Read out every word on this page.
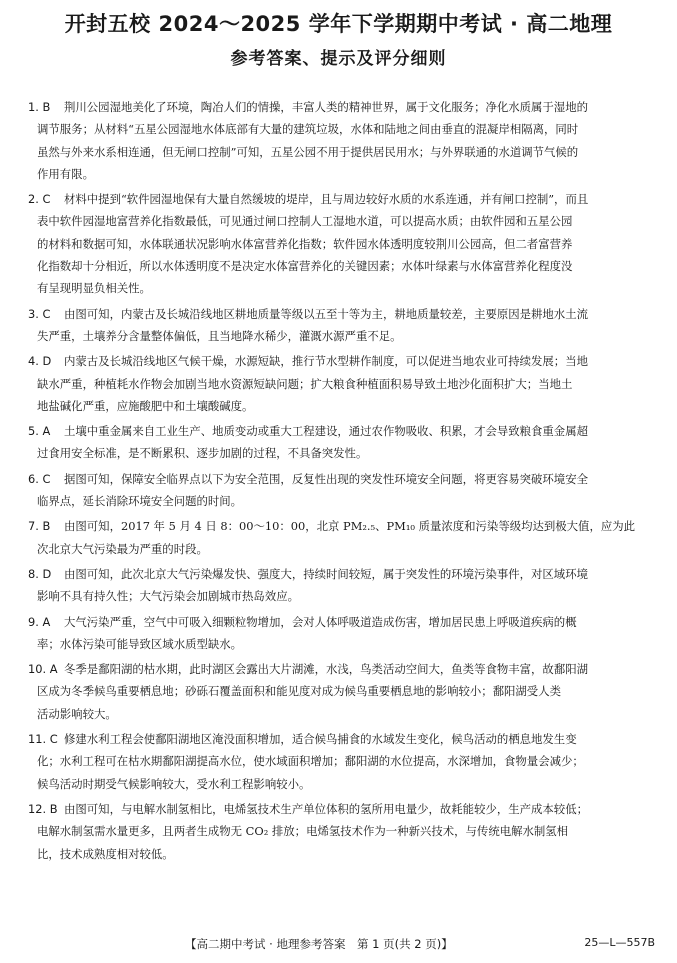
开封五校 2024～2025 学年下学期期中考试 · 高二地理
参考答案、提示及评分细则
1. B 荆川公园湿地美化了环境，陶冶人们的情操，丰富人类的精神世界，属于文化服务；净化水质属于湿地的
调节服务；从材料“五星公园湿地水体底部有大量的建筑垃圾，水体和陆地之间由垂直的混凝岸相隔离，同时
虽然与外来水系相连通，但无闸口控制”可知，五星公园不用于提供居民用水；与外界联通的水道调节气候的
作用有限。
2. C 材料中提到“软件园湿地保有大量自然缓坡的堤岸，且与周边较好水质的水系连通，并有闸口控制”，而且
表中软件园湿地富营养化指数最低，可见通过闸口控制人工湿地水道，可以提高水质；由软件园和五星公园
的材料和数据可知，水体联通状况影响水体富营养化指数；软件园水体透明度较荆川公园高，但二者富营养
化指数却十分相近，所以水体透明度不是决定水体富营养化的关键因素；水体叶绿素与水体富营养化程度没
有呈现明显负相关性。
3. C 由图可知，内蒙古及长城沿线地区耕地质量等级以五至十等为主，耕地质量较差，主要原因是耕地水土流
失严重，土壤养分含量整体偏低，且当地降水稀少，灌溉水源严重不足。
4. D 内蒙古及长城沿线地区气候干燥，水源短缺，推行节水型耕作制度，可以促进当地农业可持续发展；当地
缺水严重，种植耗水作物会加剧当地水资源短缺问题；扩大粮食种植面积易导致土地沙化面积扩大；当地土
地盐碱化严重，应施酸肥中和土壤酸碱度。
5. A 土壤中重金属来自工业生产、地质变动或重大工程建设，通过农作物吸收、积累，才会导致粮食重金属超
过食用安全标准，是不断累积、逐步加剧的过程，不具备突发性。
6. C 据图可知，保障安全临界点以下为安全范围，反复性出现的突发性环境安全问题，将更容易突破环境安全
临界点，延长消除环境安全问题的时间。
7. B 由图可知，2017 年 5 月 4 日 8：00～10：00，北京 PM₂.₅、PM₁₀ 质量浓度和污染等级均达到极大值，应为此
次北京大气污染最为严重的时段。
8. D 由图可知，此次北京大气污染爆发快、强度大，持续时间较短，属于突发性的环境污染事件，对区域环境
影响不具有持久性；大气污染会加剧城市热岛效应。
9. A 大气污染严重，空气中可吸入细颗粒物增加，会对人体呼吸道造成伤害，增加居民患上呼吸道疾病的概
率；水体污染可能导致区域水质型缺水。
10. A 冬季是鄱阳湖的枯水期，此时湖区会露出大片湖滩，水浅，鸟类活动空间大，鱼类等食物丰富，故鄱阳湖
区成为冬季候鸟重要栖息地；砂砾石覆盖面积和能见度对成为候鸟重要栖息地的影响较小；鄱阳湖受人类
活动影响较大。
11. C 修建水利工程会使鄱阳湖地区淹没面积增加，适合候鸟捕食的水域发生变化，候鸟活动的栖息地发生变
化；水利工程可在枯水期鄱阳湖提高水位，使水域面积增加；鄱阳湖的水位提高，水深增加，食物量会减少；
候鸟活动时期受气候影响较大，受水利工程影响较小。
12. B 由图可知，与电解水制氢相比，电烯氢技术生产单位体积的氢所用电量少，故耗能较少，生产成本较低；
电解水制氢需水量更多，且两者生成物无 CO₂ 排放；电烯氢技术作为一种新兴技术，与传统电解水制氢相
比，技术成熟度相对较低。
【高二期中考试 · 地理参考答案　第 1 页(共 2 页)】	25—L—557B
